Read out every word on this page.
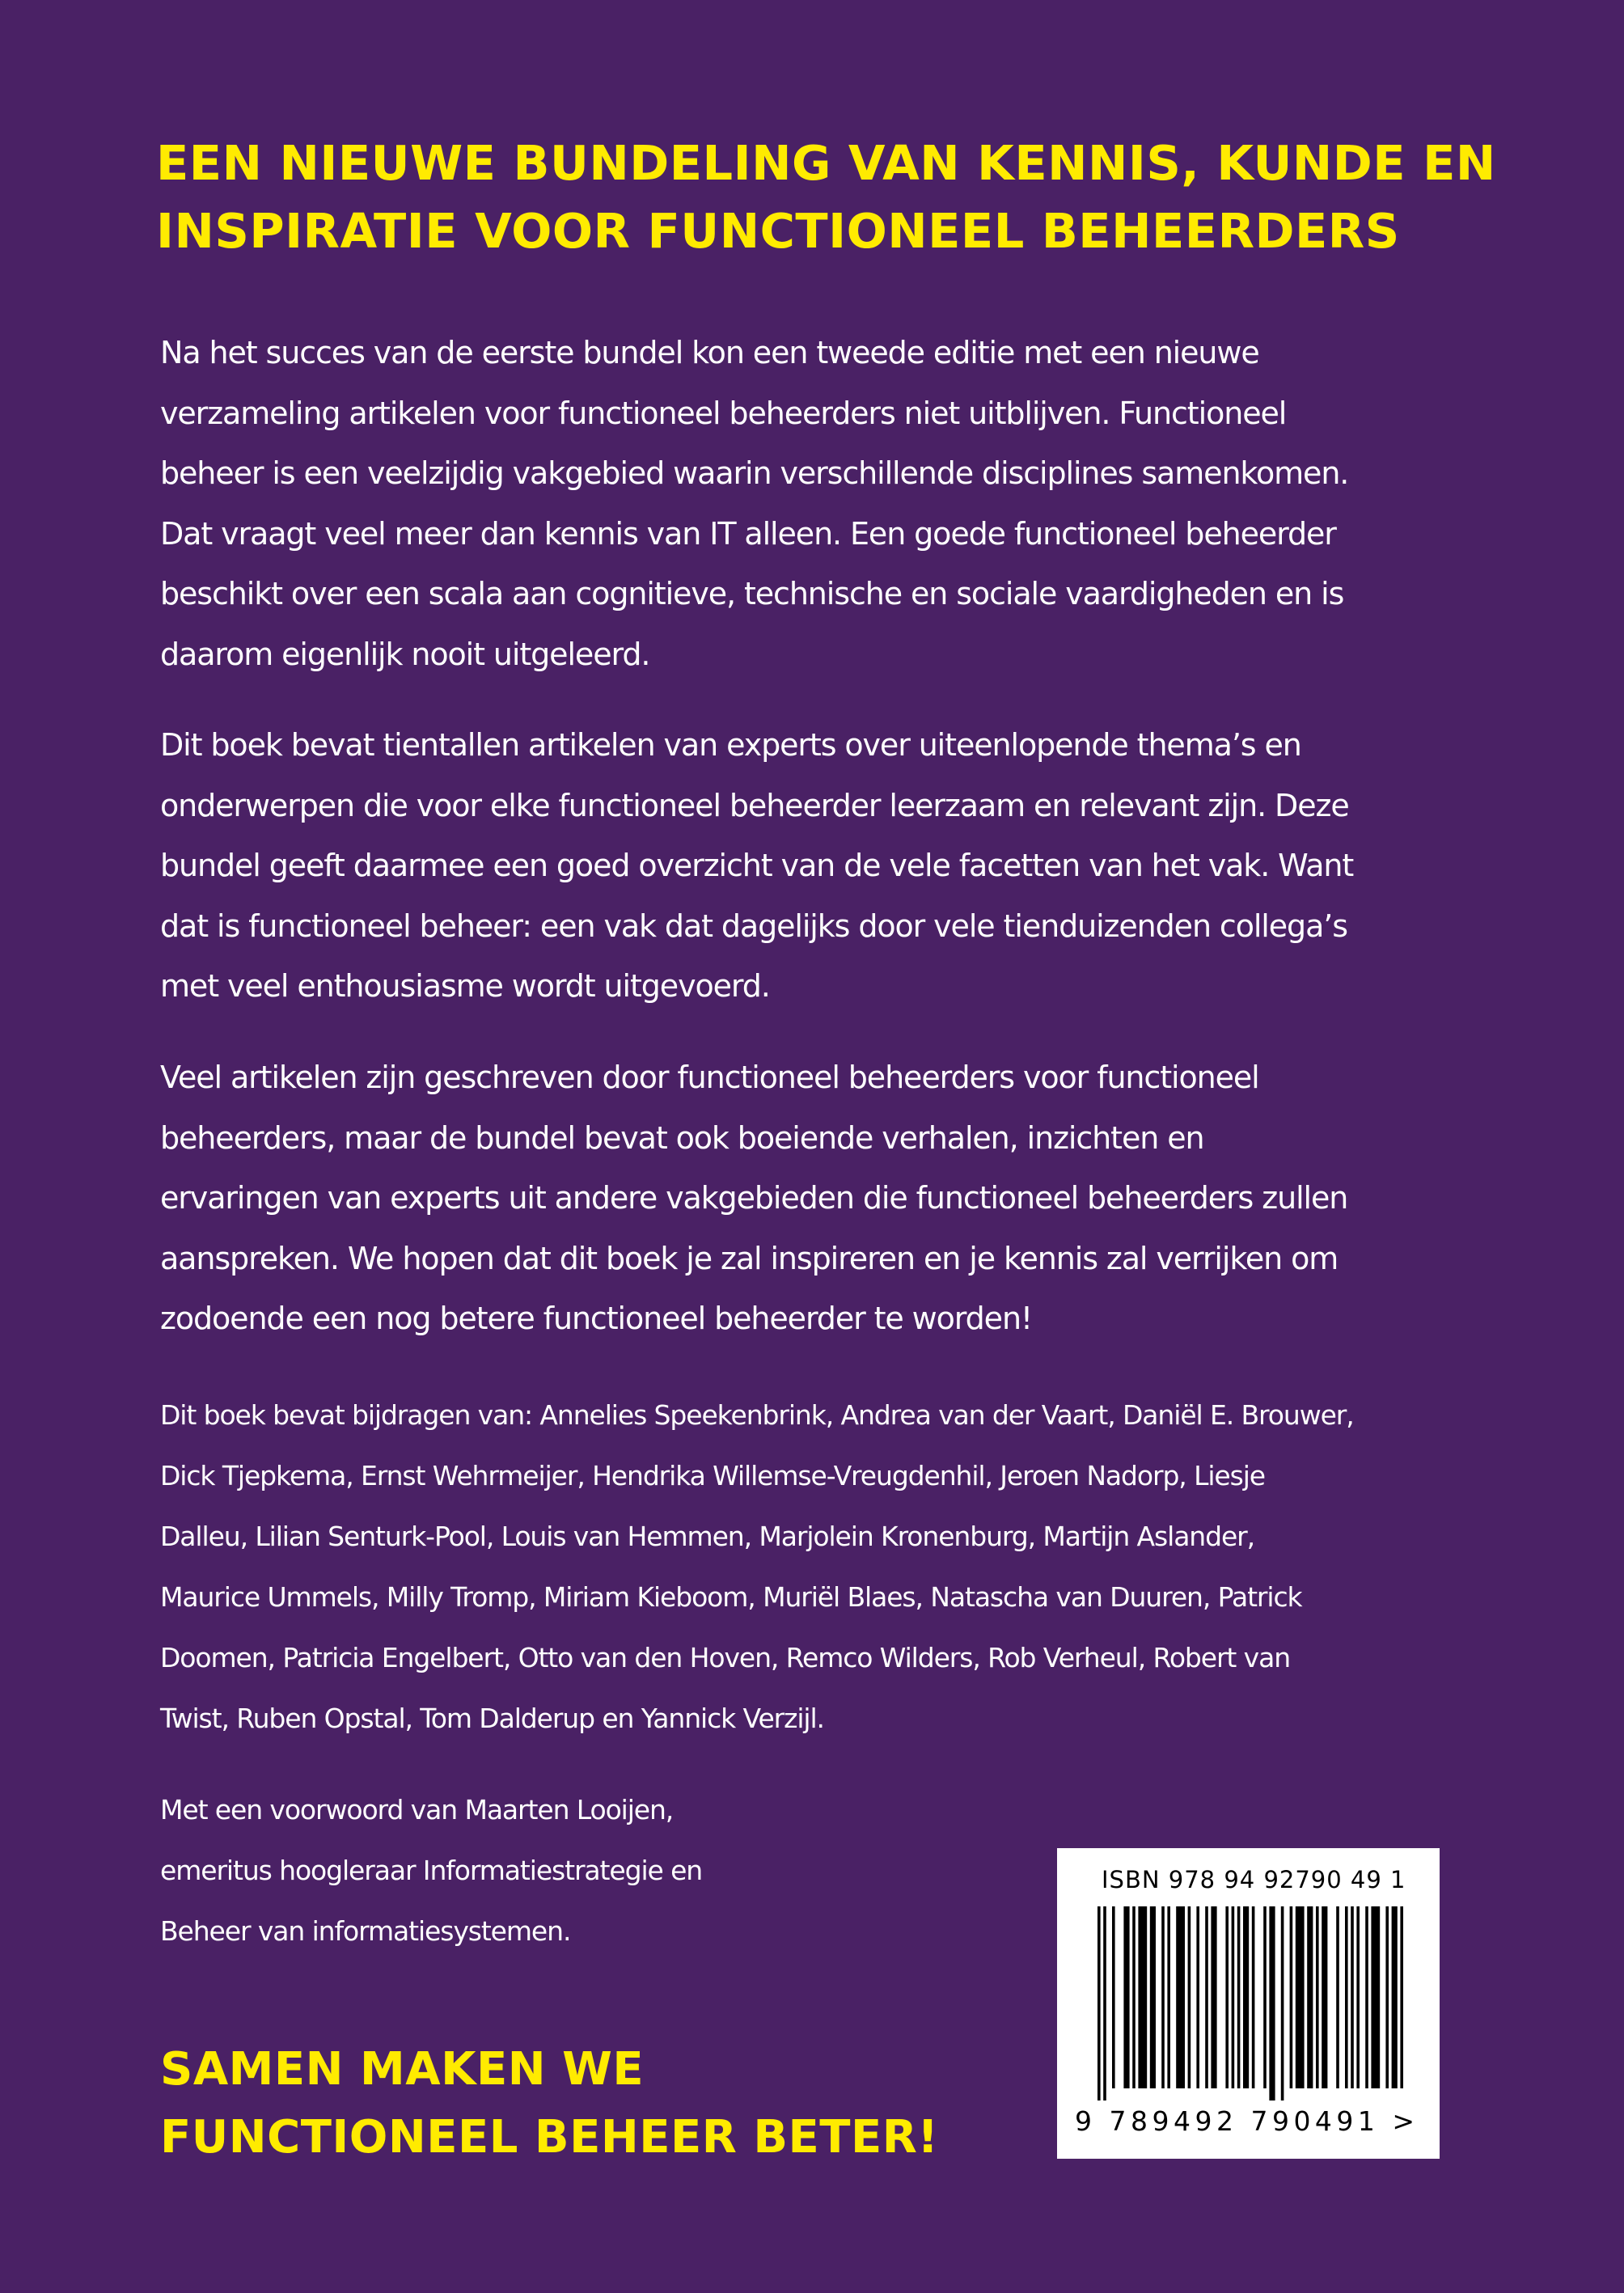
EEN NIEUWE BUNDELING VAN KENNIS, KUNDE EN
INSPIRATIE VOOR FUNCTIONEEL BEHEERDERS

Na het succes van de eerste bundel kon een tweede editie met een nieuwe
verzameling artikelen voor functioneel beheerders niet uitblijven. Functioneel
beheer is een veelzijdig vakgebied waarin verschillende disciplines samenkomen.
Dat vraagt veel meer dan kennis van IT alleen. Een goede functioneel beheerder
beschikt over een scala aan cognitieve, technische en sociale vaardigheden en is
daarom eigenlijk nooit uitgeleerd.

Dit boek bevat tientallen artikelen van experts over uiteenlopende thema’s en
onderwerpen die voor elke functioneel beheerder leerzaam en relevant zijn. Deze
bundel geeft daarmee een goed overzicht van de vele facetten van het vak. Want
dat is functioneel beheer: een vak dat dagelijks door vele tienduizenden collega’s
met veel enthousiasme wordt uitgevoerd.

Veel artikelen zijn geschreven door functioneel beheerders voor functioneel
beheerders, maar de bundel bevat ook boeiende verhalen, inzichten en
ervaringen van experts uit andere vakgebieden die functioneel beheerders zullen
aanspreken. We hopen dat dit boek je zal inspireren en je kennis zal verrijken om
zodoende een nog betere functioneel beheerder te worden!

Dit boek bevat bijdragen van: Annelies Speekenbrink, Andrea van der Vaart, Daniël E. Brouwer,
Dick Tjepkema, Ernst Wehrmeijer, Hendrika Willemse-Vreugdenhil, Jeroen Nadorp, Liesje
Dalleu, Lilian Senturk-Pool, Louis van Hemmen, Marjolein Kronenburg, Martijn Aslander,
Maurice Ummels, Milly Tromp, Miriam Kieboom, Muriël Blaes, Natascha van Duuren, Patrick
Doomen, Patricia Engelbert, Otto van den Hoven, Remco Wilders, Rob Verheul, Robert van
Twist, Ruben Opstal, Tom Dalderup en Yannick Verzijl.

Met een voorwoord van Maarten Looijen,
emeritus hoogleraar Informatiestrategie en
Beheer van informatiesystemen.

SAMEN MAKEN WE
FUNCTIONEEL BEHEER BETER!
ISBN 978 94 92790 49 1
9 789492 790491 >
